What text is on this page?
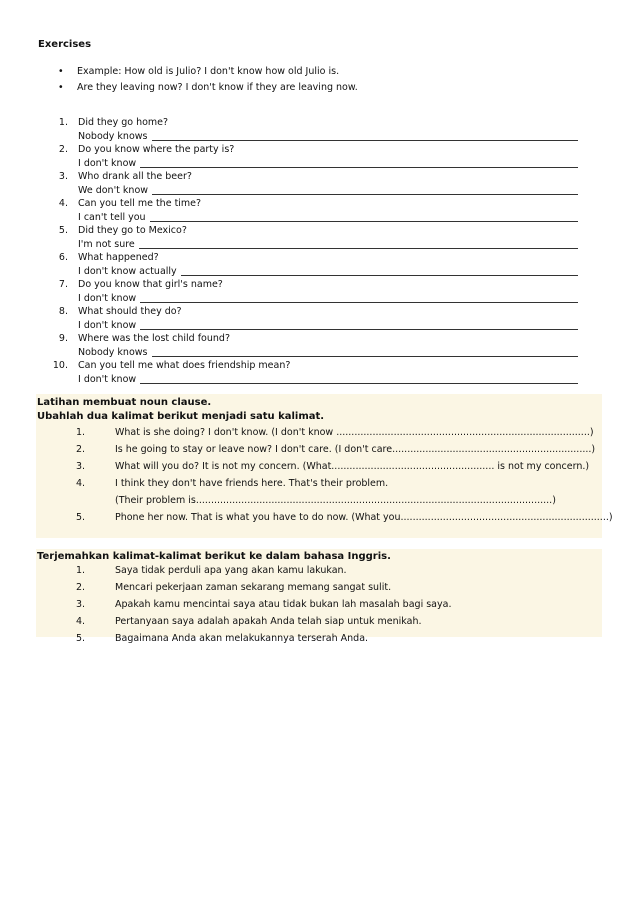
Exercises
• Example: How old is Julio? I don't know how old Julio is.
• Are they leaving now? I don't know if they are leaving now.
1. Did they go home?
Nobody knows
2. Do you know where the party is?
I don't know
3. Who drank all the beer?
We don't know
4. Can you tell me the time?
I can't tell you
5. Did they go to Mexico?
I'm not sure
6. What happened?
I don't know actually
7. Do you know that girl's name?
I don't know
8. What should they do?
I don't know
9. Where was the lost child found?
Nobody knows
10. Can you tell me what does friendship mean?
I don't know
Latihan membuat noun clause.
Ubahlah dua kalimat berikut menjadi satu kalimat.
1.	What is she doing? I don't know. (I don't know ....................................................................................)
2.	Is he going to stay or leave now? I don't care. (I don't care..................................................................)
3.	What will you do? It is not my concern. (What...................................................... is not my concern.)
4.	I think they don't have friends here. That's their problem.
(Their problem is......................................................................................................................)
5.	Phone her now. That is what you have to do now. (What you.....................................................................)
Terjemahkan kalimat-kalimat berikut ke dalam bahasa Inggris.
1.	Saya tidak perduli apa yang akan kamu lakukan.
2.	Mencari pekerjaan zaman sekarang memang sangat sulit.
3.	Apakah kamu mencintai saya atau tidak bukan lah masalah bagi saya.
4.	Pertanyaan saya adalah apakah Anda telah siap untuk menikah.
5.	Bagaimana Anda akan melakukannya terserah Anda.
